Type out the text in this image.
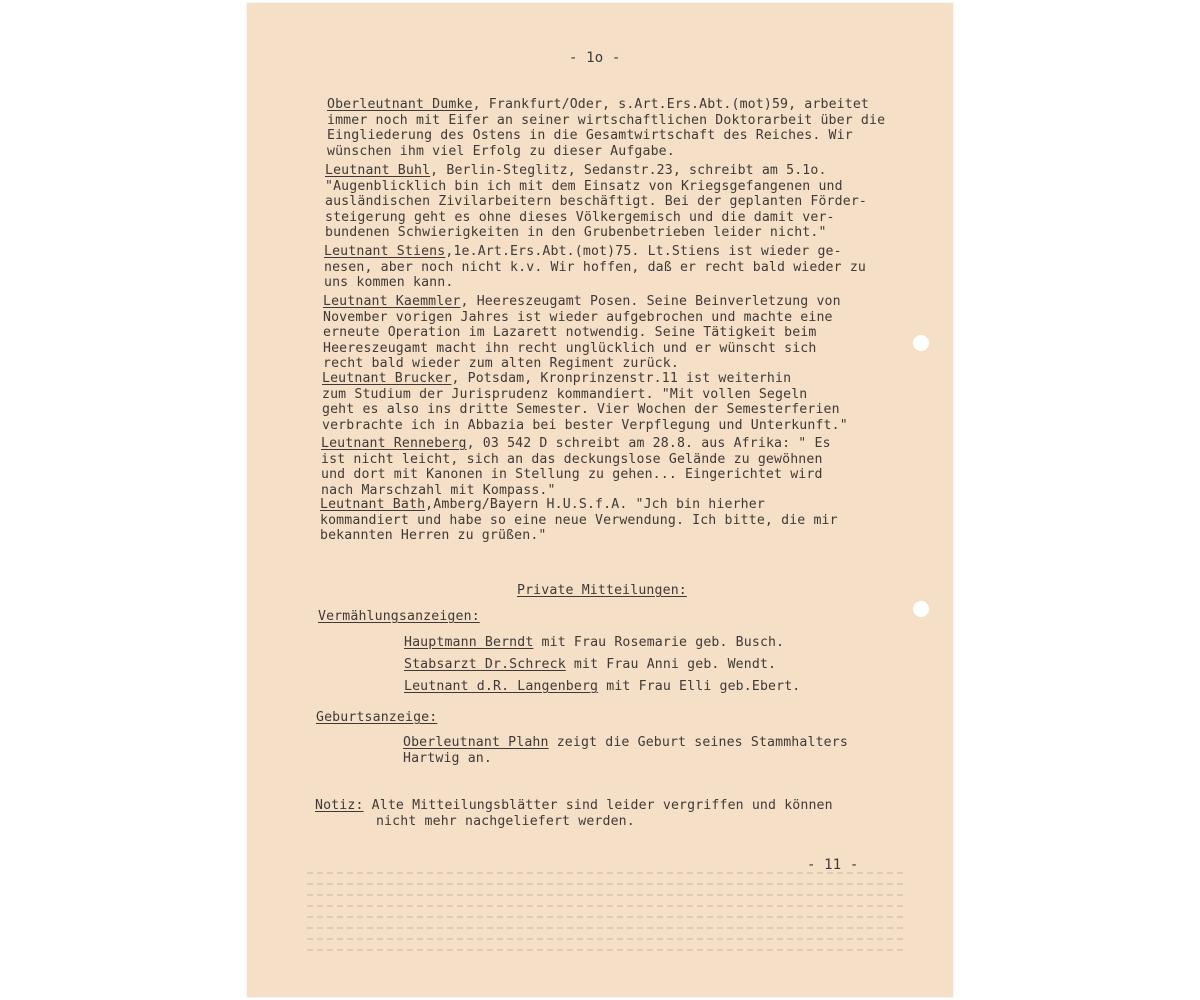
- 1o -
Oberleutnant Dumke, Frankfurt/Oder, s.Art.Ers.Abt.(mot)59, arbeitet
immer noch mit Eifer an seiner wirtschaftlichen Doktorarbeit über die
Eingliederung des Ostens in die Gesamtwirtschaft des Reiches. Wir
wünschen ihm viel Erfolg zu dieser Aufgabe.
Leutnant Buhl, Berlin-Steglitz, Sedanstr.23, schreibt am 5.1o.
"Augenblicklich bin ich mit dem Einsatz von Kriegsgefangenen und
ausländischen Zivilarbeitern beschäftigt. Bei der geplanten Förder-
steigerung geht es ohne dieses Völkergemisch und die damit ver-
bundenen Schwierigkeiten in den Grubenbetrieben leider nicht."
Leutnant Stiens,1e.Art.Ers.Abt.(mot)75. Lt.Stiens ist wieder ge-
nesen, aber noch nicht k.v. Wir hoffen, daß er recht bald wieder zu
uns kommen kann.
Leutnant Kaemmler, Heereszeugamt Posen. Seine Beinverletzung von
November vorigen Jahres ist wieder aufgebrochen und machte eine
erneute Operation im Lazarett notwendig. Seine Tätigkeit beim
Heereszeugamt macht ihn recht unglücklich und er wünscht sich
recht bald wieder zum alten Regiment zurück.
Leutnant Brucker, Potsdam, Kronprinzenstr.11 ist weiterhin
zum Studium der Jurisprudenz kommandiert. "Mit vollen Segeln
geht es also ins dritte Semester. Vier Wochen der Semesterferien
verbrachte ich in Abbazia bei bester Verpflegung und Unterkunft."
Leutnant Renneberg, 03 542 D schreibt am 28.8. aus Afrika: " Es
ist nicht leicht, sich an das deckungslose Gelände zu gewöhnen
und dort mit Kanonen in Stellung zu gehen... Eingerichtet wird
nach Marschzahl mit Kompass."
Leutnant Bath,Amberg/Bayern H.U.S.f.A. "Jch bin hierher
kommandiert und habe so eine neue Verwendung. Ich bitte, die mir
bekannten Herren zu grüßen."
Private Mitteilungen:
Vermählungsanzeigen:
Hauptmann Berndt mit Frau Rosemarie geb. Busch.
Stabsarzt Dr.Schreck mit Frau Anni geb. Wendt.
Leutnant d.R. Langenberg mit Frau Elli geb.Ebert.
Geburtsanzeige:
Oberleutnant Plahn zeigt die Geburt seines Stammhalters
Hartwig an.
Notiz: Alte Mitteilungsblätter sind leider vergriffen und können
nicht mehr nachgeliefert werden.
- 11 -
